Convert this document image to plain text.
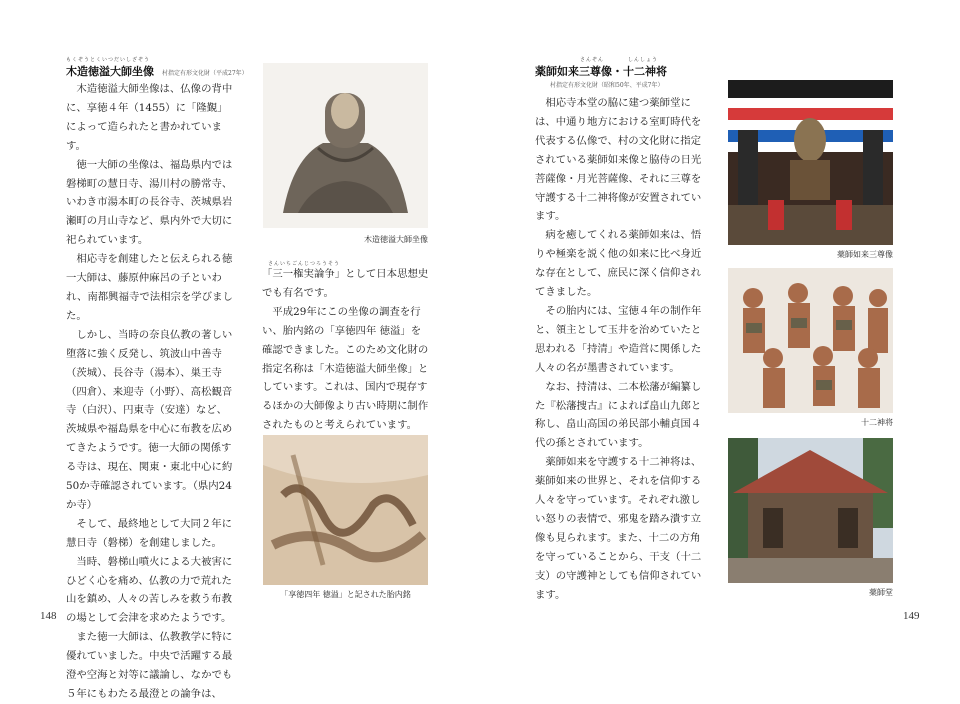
もくぞうとくいつだいしざぞう
木造徳溢大師坐像 村指定有形文化財（平成27年）

木造徳溢大師坐像は、仏像の背中に、享徳４年（1455）に「隆覲」によって造られたと書かれています。

徳一大師の坐像は、福島県内では磐梯町の慧日寺、湯川村の勝常寺、いわき市湯本町の長谷寺、茨城県岩瀬町の月山寺など、県内外で大切に祀られています。

相応寺を創建したと伝えられる徳一大師は、藤原仲麻呂の子といわれ、南都興福寺で法相宗を学びました。

しかし、当時の奈良仏教の著しい堕落に強く反発し、筑波山中善寺（茨城）、長谷寺（湯本）、巣王寺（四倉）、来迎寺（小野）、高松観音寺（白沢）、円東寺（安達）など、茨城県や福島県を中心に布教を広めてきたようです。徳一大師の関係する寺は、現在、関東・東北中心に約50か寺確認されています。（県内24か寺）

そして、最終地として大同２年に慧日寺（磐梯）を創建しました。

当時、磐梯山噴火による大被害にひどく心を痛め、仏教の力で荒れた山を鎮め、人々の苦しみを救う布教の場として会津を求めたようです。

また徳一大師は、仏教教学に特に優れていました。中央で活躍する最澄や空海と対等に議論し、なかでも５年にもわたる最澄との論争は、

木造徳溢大師坐像
さんいちごんじつろうそう

「三一権実論争」として日本思想史でも有名です。

平成29年にこの坐像の調査を行い、胎内銘の「享徳四年 徳溢」を確認できました。このため文化財の指定名称は「木造徳溢大師坐像」としています。これは、国内で現存するほかの大師像より古い時期に制作されたものと考えられています。

「享徳四年 徳溢」と記された胎内銘
148
さんぞん　　　　しんしょう
薬師如来三尊像・十二神将
村指定有形文化財（昭和50年、平成7年）

相応寺本堂の脇に建つ薬師堂には、中通り地方における室町時代を代表する仏像で、村の文化財に指定されている薬師如来像と脇侍の日光菩薩像・月光菩薩像、それに三尊を守護する十二神将像が安置されています。

病を癒してくれる薬師如来は、悟りや極楽を説く他の如来に比べ身近な存在として、庶民に深く信仰されてきました。

その胎内には、宝徳４年の制作年と、領主として玉井を治めていたと思われる「持清」や造営に関係した人々の名が墨書されています。

なお、持清は、二本松藩が編纂した『松藩捜古』によれば畠山九郎と称し、畠山高国の弟民部小輔貞国４代の孫とされています。

薬師如来を守護する十二神将は、薬師如来の世界と、それを信仰する人々を守っています。それぞれ激しい怒りの表情で、邪鬼を踏み潰す立像も見られます。また、十二の方角を守っていることから、干支（十二支）の守護神としても信仰されています。

薬師如来三尊像
十二神将
薬師堂
149
